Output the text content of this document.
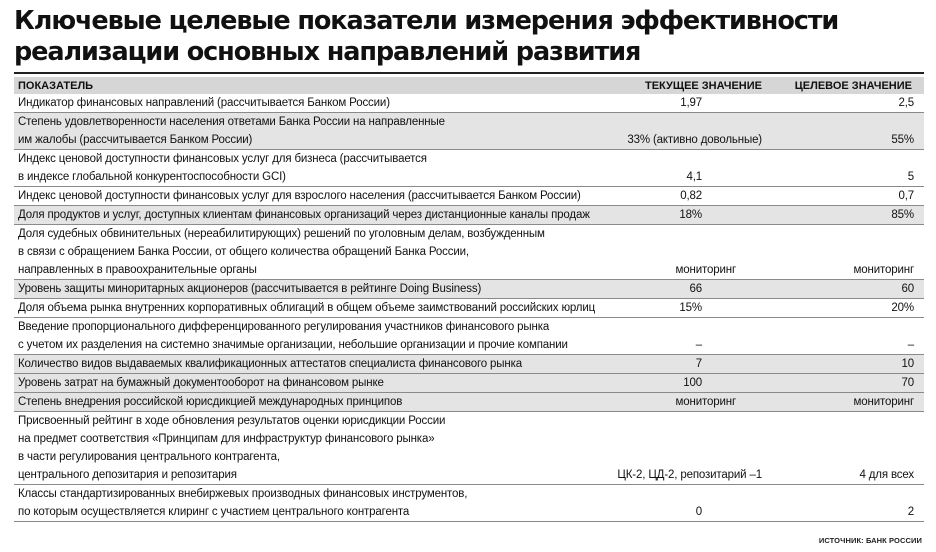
Ключевые целевые показатели измерения эффективности реализации основных направлений развития
ПОКАЗАТЕЛЬ	ТЕКУЩЕЕ ЗНАЧЕНИЕ	ЦЕЛЕВОЕ ЗНАЧЕНИЕ
Индикатор финансовых направлений (рассчитывается Банком России)	1,97	2,5
Степень удовлетворенности населения ответами Банка России на направленные
им жалобы (рассчитывается Банком России)	33% (активно довольные)	55%
Индекс ценовой доступности финансовых услуг для бизнеса (рассчитывается
в индексе глобальной конкурентоспособности GCI)	4,1	5
Индекс ценовой доступности финансовых услуг для взрослого населения (рассчитывается Банком России)	0,82	0,7
Доля продуктов и услуг, доступных клиентам финансовых организаций через дистанционные каналы продаж	18%	85%
Доля судебных обвинительных (нереабилитирующих) решений по уголовным делам, возбужденным
в связи с обращением Банка России, от общего количества обращений Банка России,
направленных в правоохранительные органы	мониторинг	мониторинг
Уровень защиты миноритарных акционеров (рассчитывается в рейтинге Doing Business)	66	60
Доля объема рынка внутренних корпоративных облигаций в общем объеме заимствований российских юрлиц	15%	20%
Введение пропорционального дифференцированного регулирования участников финансового рынка
с учетом их разделения на системно значимые организации, небольшие организации и прочие компании	–	–
Количество видов выдаваемых квалификационных аттестатов специалиста финансового рынка	7	10
Уровень затрат на бумажный документооборот на финансовом рынке	100	70
Степень внедрения российской юрисдикцией международных принципов	мониторинг	мониторинг
Присвоенный рейтинг в ходе обновления результатов оценки юрисдикции России
на предмет соответствия «Принципам для инфраструктур финансового рынка»
в части регулирования центрального контрагента,
центрального депозитария и репозитария	ЦК-2, ЦД-2, репозитарий –1	4 для всех
Классы стандартизированных внебиржевых производных финансовых инструментов,
по которым осуществляется клиринг с участием центрального контрагента	0	2
ИСТОЧНИК: БАНК РОССИИ
